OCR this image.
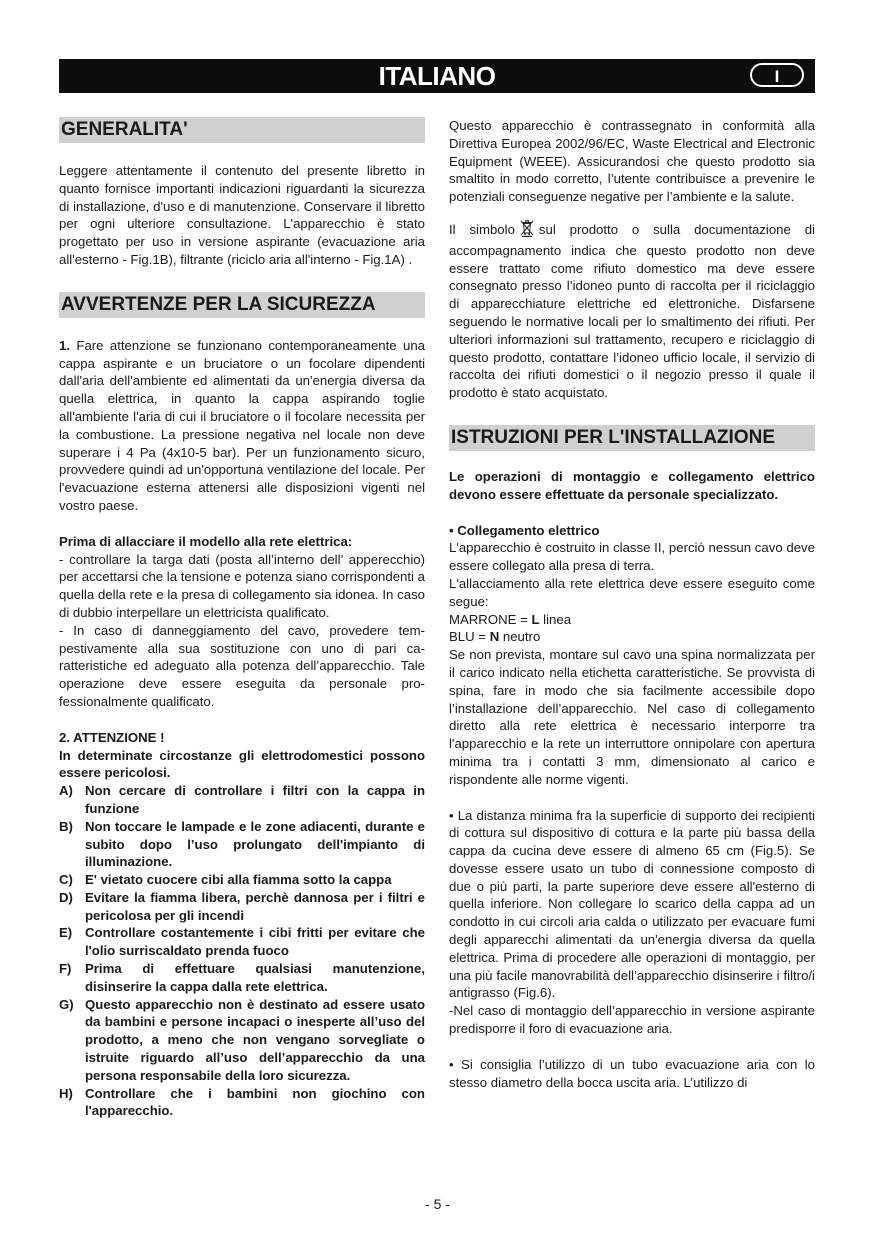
ITALIANO	I
GENERALITA'

Leggere attentamente il contenuto del presente libretto in quanto fornisce importanti indicazioni riguardanti la sicurezza di installazione, d'uso e di manutenzione. Conservare il libretto per ogni ulteriore consultazione. L'apparecchio è stato progettato per uso in versione aspirante (evacuazione aria all'esterno - Fig.1B), filtrante (riciclo aria all'interno - Fig.1A) .

AVVERTENZE PER LA SICUREZZA

1. Fare attenzione se funzionano contemporaneamente una cappa aspirante e un bruciatore o un focolare dipendenti dall'aria dell'ambiente ed alimentati da un'energia diversa da quella elettrica, in quanto la cappa aspirando toglie all'ambiente l'aria di cui il bruciatore o il focolare necessita per la combustione. La pressione negativa nel locale non deve superare i 4 Pa (4x10-5 bar). Per un funzionamento sicuro, provvedere quindi ad un'opportuna ventilazione del locale. Per l'evacuazione esterna attenersi alle disposizioni vigenti nel vostro paese.

Prima di allacciare il modello alla rete elettrica:

- controllare la targa dati (posta all’interno dell’ apperecchio) per accettarsi che la tensione e potenza siano corrispondenti a quella della rete e la presa di collegamento sia idonea. In caso di dubbio interpellare un elettricista qualificato.

- In caso di danneggiamento del cavo, provedere tem-pestivamente alla sua sostituzione con uno di pari ca-ratteristiche ed adeguato alla potenza dell’apparecchio. Tale operazione deve essere eseguita da personale pro-fessionalmente qualificato.

2. ATTENZIONE !

In determinate circostanze gli elettrodomestici possono essere pericolosi.

A) Non cercare di controllare i filtri con la cappa in funzione
B) Non toccare le lampade e le zone adiacenti, durante e subito dopo l’uso prolungato dell'impianto di illuminazione.
C) E' vietato cuocere cibi alla fiamma sotto la cappa
D) Evitare la fiamma libera, perchè dannosa per i filtri e pericolosa per gli incendi
E) Controllare costantemente i cibi fritti per evitare che l'olio surriscaldato prenda fuoco
F)	Prima di effettuare qualsiasi manutenzione, disinserire la cappa dalla rete elettrica.
G) Questo apparecchio non è destinato ad essere usato da bambini e persone incapaci o inesperte all’uso del prodotto, a meno che non vengano sorvegliate o istruite riguardo all’uso dell’apparecchio da una persona responsabile della loro sicurezza.
H) Controllare che i bambini non giochino con l'apparecchio.

Questo apparecchio è contrassegnato in conformità alla Direttiva Europea 2002/96/EC, Waste Electrical and Electronic Equipment (WEEE). Assicurandosi che questo prodotto sia smaltito in modo corretto, l’utente contribuisce a prevenire le potenziali conseguenze negative per l’ambiente e la salute.

Il simbolo sul prodotto o sulla documentazione di accompagnamento indica che questo prodotto non deve essere trattato come rifiuto domestico ma deve essere consegnato presso l’idoneo punto di raccolta per il riciclaggio di apparecchiature elettriche ed elettroniche. Disfarsene seguendo le normative locali per lo smaltimento dei rifiuti. Per ulteriori informazioni sul trattamento, recupero e riciclaggio di questo prodotto, contattare l’idoneo ufficio locale, il servizio di raccolta dei rifiuti domestici o il negozio presso il quale il prodotto è stato acquistato.

ISTRUZIONI PER L'INSTALLAZIONE

Le operazioni di montaggio e collegamento elettrico devono essere effettuate da personale specializzato.

• Collegamento elettrico

L'apparecchio è costruito in classe II, perciò nessun cavo deve essere collegato alla presa di terra.

L'allacciamento alla rete elettrica deve essere eseguito come segue:

MARRONE = L linea

BLU = N neutro

Se non prevista, montare sul cavo una spina normalizzata per il carico indicato nella etichetta caratteristiche. Se provvista di spina, fare in modo che sia facilmente accessibile dopo l’installazione dell’apparecchio. Nel caso di collegamento diretto alla rete elettrica è necessario interporre tra l'apparecchio e la rete un interruttore onnipolare con apertura minima tra i contatti 3 mm, dimensionato al carico e rispondente alle norme vigenti.

• La distanza minima fra la superficie di supporto dei recipienti di cottura sul dispositivo di cottura e la parte più bassa della cappa da cucina deve essere di almeno 65 cm (Fig.5). Se dovesse essere usato un tubo di connessione composto di due o più parti, la parte superiore deve essere all'esterno di quella inferiore. Non collegare lo scarico della cappa ad un condotto in cui circoli aria calda o utilizzato per evacuare fumi degli apparecchi alimentati da un'energia diversa da quella elettrica. Prima di procedere alle operazioni di montaggio, per una più facile manovrabilità dell’apparecchio disinserire i filtro/i antigrasso (Fig.6).

-Nel caso di montaggio dell’apparecchio in versione aspirante predisporre il foro di evacuazione aria.

• Si consiglia l’utilizzo di un tubo evacuazione aria con lo stesso diametro della bocca uscita aria. L’utilizzo di

- 5 -
